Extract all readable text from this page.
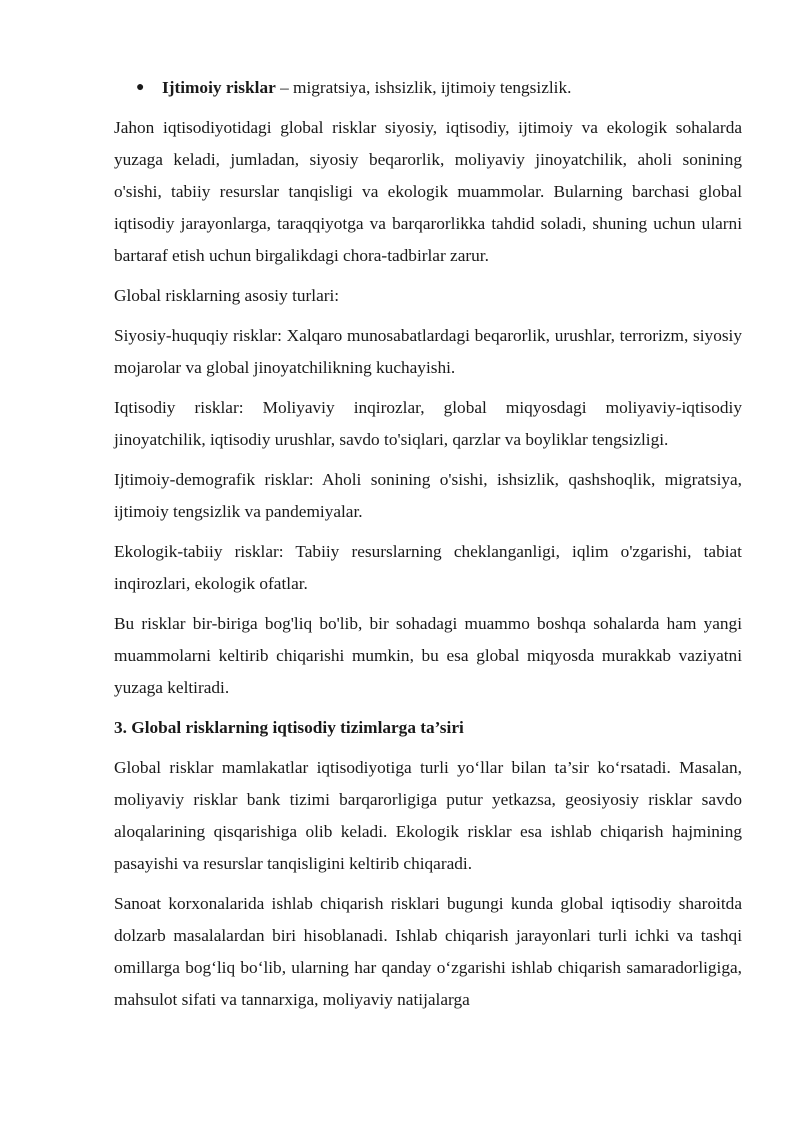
● Ijtimoiy risklar – migratsiya, ishsizlik, ijtimoiy tengsizlik.

Jahon iqtisodiyotidagi global risklar siyosiy, iqtisodiy, ijtimoiy va ekologik sohalarda yuzaga keladi, jumladan, siyosiy beqarorlik, moliyaviy jinoyatchilik, aholi sonining o'sishi, tabiiy resurslar tanqisligi va ekologik muammolar. Bularning barchasi global iqtisodiy jarayonlarga, taraqqiyotga va barqarorlikka tahdid soladi, shuning uchun ularni bartaraf etish uchun birgalikdagi chora-tadbirlar zarur.

Global risklarning asosiy turlari:

Siyosiy-huquqiy risklar: Xalqaro munosabatlardagi beqarorlik, urushlar, terrorizm, siyosiy mojarolar va global jinoyatchilikning kuchayishi.

Iqtisodiy risklar: Moliyaviy inqirozlar, global miqyosdagi moliyaviy-iqtisodiy jinoyatchilik, iqtisodiy urushlar, savdo to'siqlari, qarzlar va boyliklar tengsizligi.

Ijtimoiy-demografik risklar: Aholi sonining o'sishi, ishsizlik, qashshoqlik, migratsiya, ijtimoiy tengsizlik va pandemiyalar.

Ekologik-tabiiy risklar: Tabiiy resurslarning cheklanganligi, iqlim o'zgarishi, tabiat inqirozlari, ekologik ofatlar.

Bu risklar bir-biriga bog'liq bo'lib, bir sohadagi muammo boshqa sohalarda ham yangi muammolarni keltirib chiqarishi mumkin, bu esa global miqyosda murakkab vaziyatni yuzaga keltiradi.

3. Global risklarning iqtisodiy tizimlarga ta’siri

Global risklar mamlakatlar iqtisodiyotiga turli yo‘llar bilan ta’sir ko‘rsatadi. Masalan, moliyaviy risklar bank tizimi barqarorligiga putur yetkazsa, geosiyosiy risklar savdo aloqalarining qisqarishiga olib keladi. Ekologik risklar esa ishlab chiqarish hajmining pasayishi va resurslar tanqisligini keltirib chiqaradi.

Sanoat korxonalarida ishlab chiqarish risklari bugungi kunda global iqtisodiy sharoitda dolzarb masalalardan biri hisoblanadi. Ishlab chiqarish jarayonlari turli ichki va tashqi omillarga bog‘liq bo‘lib, ularning har qanday o‘zgarishi ishlab chiqarish samaradorligiga, mahsulot sifati va tannarxiga, moliyaviy natijalarga
